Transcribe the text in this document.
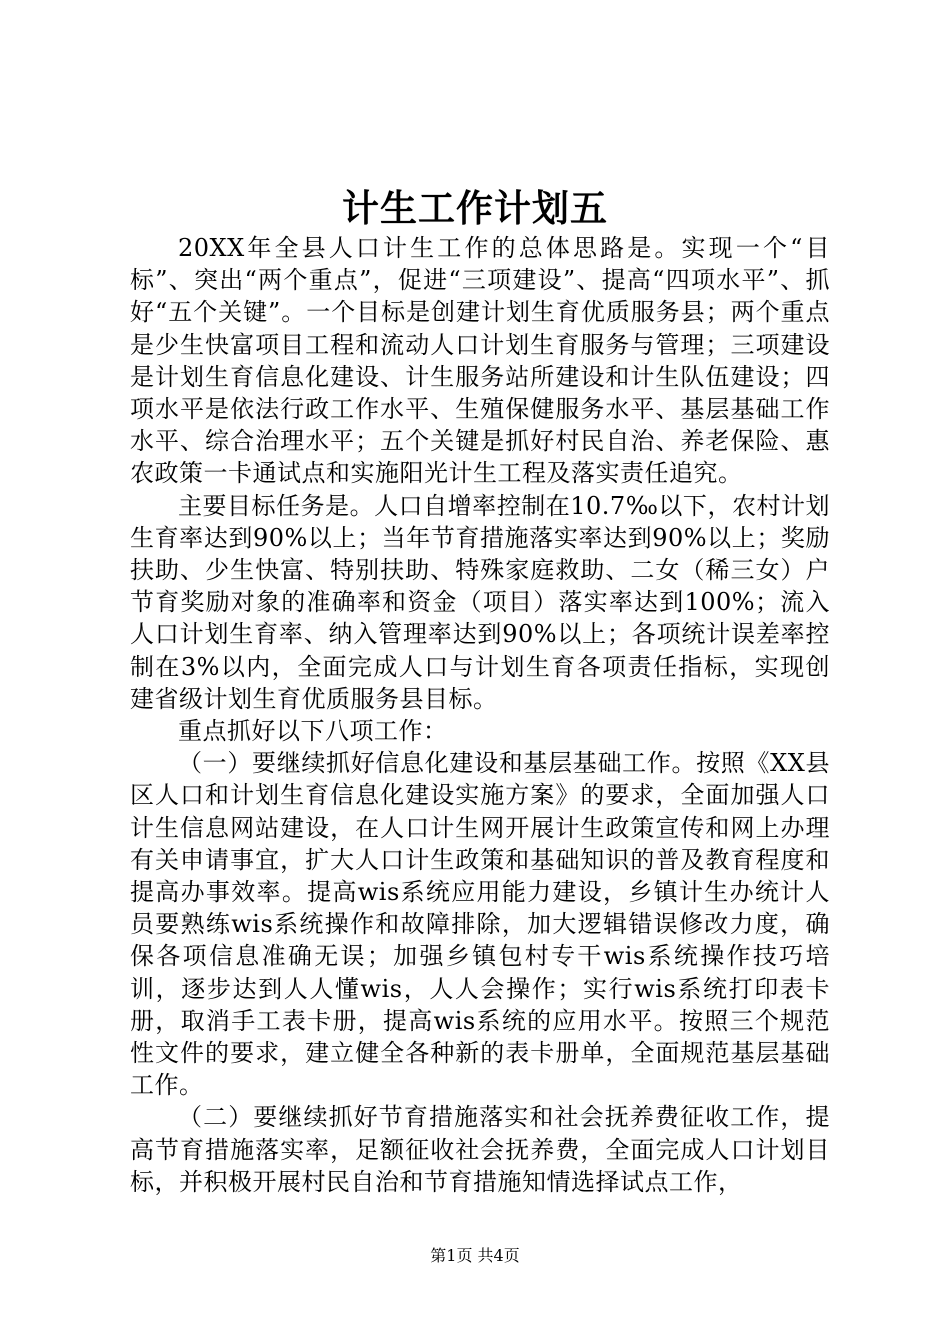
计生工作计划五

20XX年全县人口计生工作的总体思路是。实现一个“目标”、突出“两个重点”，促进“三项建设”、提高“四项水平”、抓好“五个关键”。一个目标是创建计划生育优质服务县；两个重点是少生快富项目工程和流动人口计划生育服务与管理；三项建设是计划生育信息化建设、计生服务站所建设和计生队伍建设；四项水平是依法行政工作水平、生殖保健服务水平、基层基础工作水平、综合治理水平；五个关键是抓好村民自治、养老保险、惠农政策一卡通试点和实施阳光计生工程及落实责任追究。

主要目标任务是。人口自增率控制在10.7‰以下，农村计划生育率达到90%以上；当年节育措施落实率达到90%以上；奖励扶助、少生快富、特别扶助、特殊家庭救助、二女（稀三女）户节育奖励对象的准确率和资金（项目）落实率达到100%；流入人口计划生育率、纳入管理率达到90%以上；各项统计误差率控制在3%以内，全面完成人口与计划生育各项责任指标，实现创建省级计划生育优质服务县目标。

重点抓好以下八项工作：

（一）要继续抓好信息化建设和基层基础工作。按照《XX县区人口和计划生育信息化建设实施方案》的要求，全面加强人口计生信息网站建设，在人口计生网开展计生政策宣传和网上办理有关申请事宜，扩大人口计生政策和基础知识的普及教育程度和提高办事效率。提高wis系统应用能力建设，乡镇计生办统计人员要熟练wis系统操作和故障排除，加大逻辑错误修改力度，确保各项信息准确无误；加强乡镇包村专干wis系统操作技巧培训，逐步达到人人懂wis，人人会操作；实行wis系统打印表卡册，取消手工表卡册，提高wis系统的应用水平。按照三个规范性文件的要求，建立健全各种新的表卡册单，全面规范基层基础工作。

（二）要继续抓好节育措施落实和社会抚养费征收工作，提高节育措施落实率，足额征收社会抚养费，全面完成人口计划目标，并积极开展村民自治和节育措施知情选择试点工作，

第1页 共4页
